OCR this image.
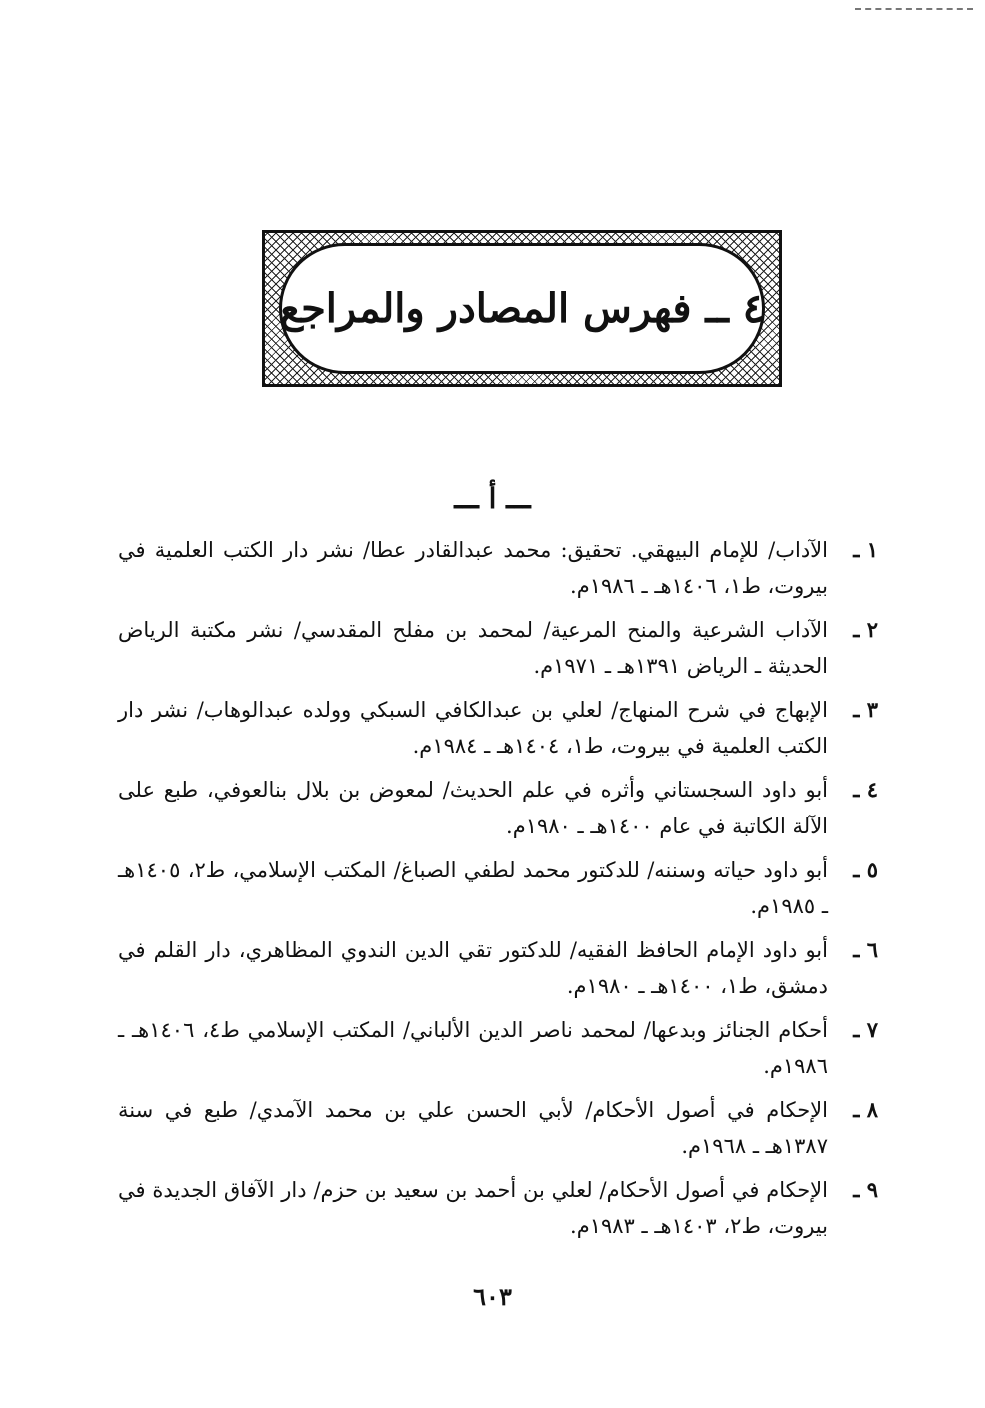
٤ ــ فهرس المصادر والمراجع
ـــ أ ـــ
١ ـ
الآداب/ للإمام البيهقي. تحقيق: محمد عبدالقادر عطا/ نشر دار الكتب العلمية في بيروت، ط١، ١٤٠٦هـ ـ ١٩٨٦م.
٢ ـ
الآداب الشرعية والمنح المرعية/ لمحمد بن مفلح المقدسي/ نشر مكتبة الرياض الحديثة ـ الرياض ١٣٩١هـ ـ ١٩٧١م.
٣ ـ
الإبهاج في شرح المنهاج/ لعلي بن عبدالكافي السبكي وولده عبدالوهاب/ نشر دار الكتب العلمية في بيروت، ط١، ١٤٠٤هـ ـ ١٩٨٤م.
٤ ـ
أبو داود السجستاني وأثره في علم الحديث/ لمعوض بن بلال بنالعوفي، طبع على الآلة الكاتبة في عام ١٤٠٠هـ ـ ١٩٨٠م.
٥ ـ
أبو داود حياته وسننه/ للدكتور محمد لطفي الصباغ/ المكتب الإسلامي، ط٢، ١٤٠٥هـ ـ ١٩٨٥م.
٦ ـ
أبو داود الإمام الحافظ الفقيه/ للدكتور تقي الدين الندوي المظاهري، دار القلم في دمشق، ط١، ١٤٠٠هـ ـ ١٩٨٠م.
٧ ـ
أحكام الجنائز وبدعها/ لمحمد ناصر الدين الألباني/ المكتب الإسلامي ط٤، ١٤٠٦هـ ـ ١٩٨٦م.
٨ ـ
الإحكام في أصول الأحكام/ لأبي الحسن علي بن محمد الآمدي/ طبع في سنة ١٣٨٧هـ ـ ١٩٦٨م.
٩ ـ
الإحكام في أصول الأحكام/ لعلي بن أحمد بن سعيد بن حزم/ دار الآفاق الجديدة في بيروت، ط٢، ١٤٠٣هـ ـ ١٩٨٣م.
٦٠٣
